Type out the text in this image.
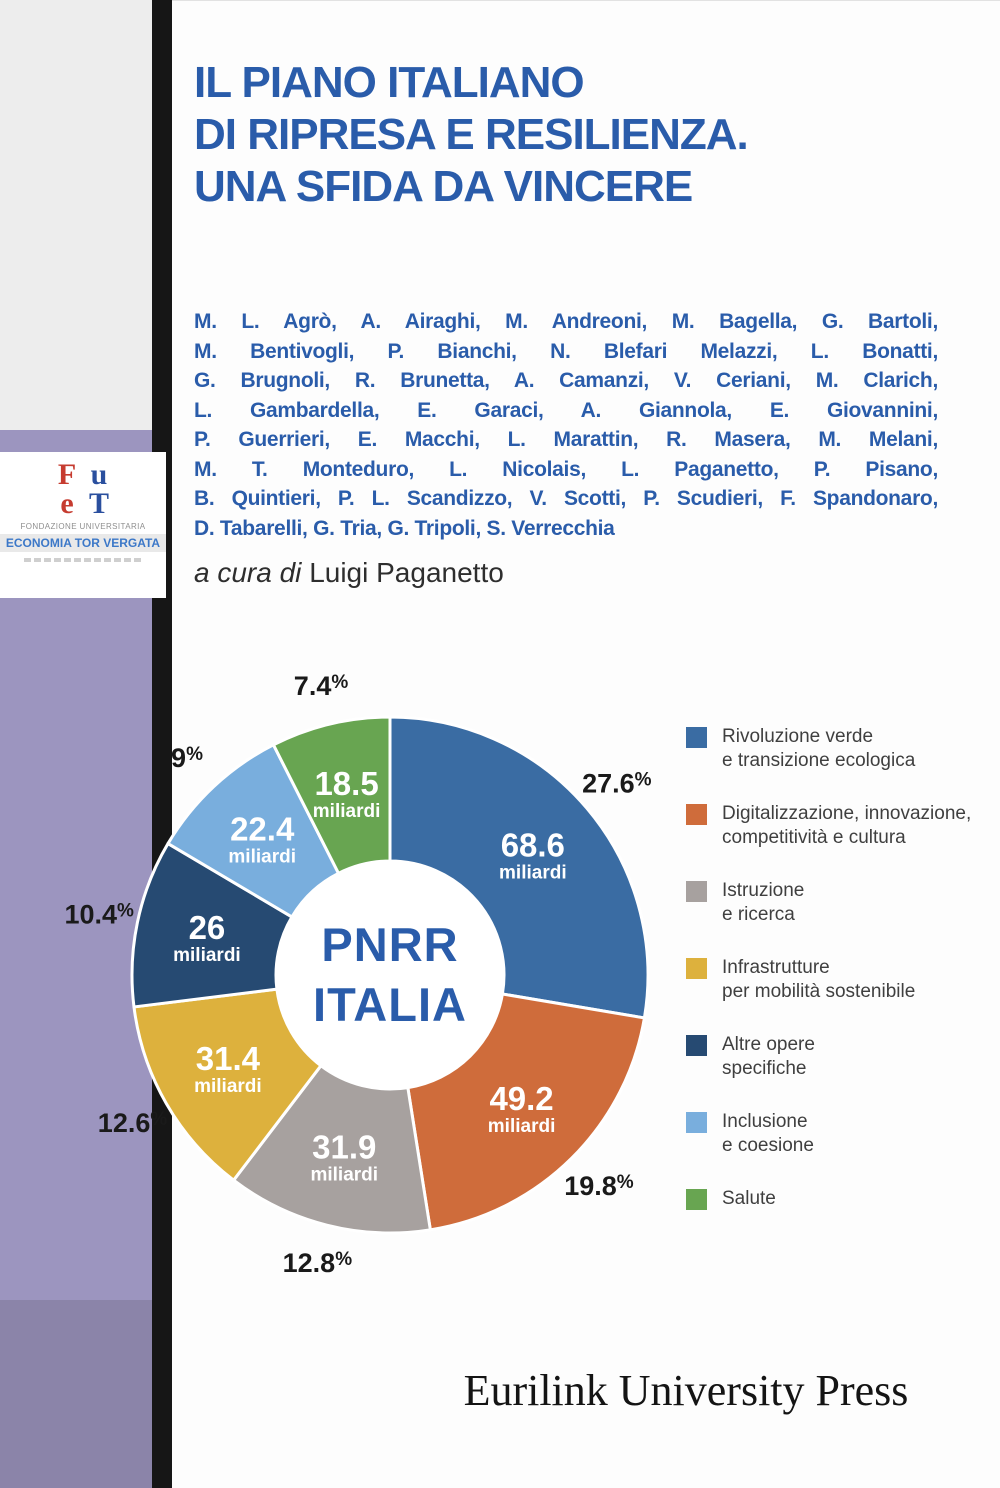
IL PIANO ITALIANO
DI RIPRESA E RESILIENZA.
UNA SFIDA DA VINCERE
M. L. Agrò, A. Airaghi, M. Andreoni, M. Bagella, G. Bartoli,
M. Bentivogli, P. Bianchi, N. Blefari Melazzi, L. Bonatti,
G. Brugnoli, R. Brunetta, A. Camanzi, V. Ceriani, M. Clarich,
L. Gambardella, E. Garaci, A. Giannola, E. Giovannini,
P. Guerrieri, E. Macchi, L. Marattin, R. Masera, M. Melani,
M. T. Monteduro, L. Nicolais, L. Paganetto, P. Pisano,
B. Quintieri, P. L. Scandizzo, V. Scotti, P. Scudieri, F. Spandonaro,
D. Tabarelli, G. Tria, G. Tripoli, S. Verrecchia
a cura di Luigi Paganetto
Rivoluzione verde
e transizione ecologica
Digitalizzazione, innovazione,
competitività e cultura
Istruzione
e ricerca
Infrastrutture
per mobilità sostenibile
Altre opere
specifiche
Inclusione
e coesione
Salute
Eurilink University Press
F u
e T
FONDAZIONE UNIVERSITARIA
ECONOMIA TOR VERGATA
68.6
miliardi
27.6%
49.2
miliardi
19.8%
31.9
miliardi
12.8%
31.4
miliardi
12.6%
26
miliardi
10.4%
22.4
miliardi
9%
18.5
miliardi
7.4%
PNRR
ITALIA
